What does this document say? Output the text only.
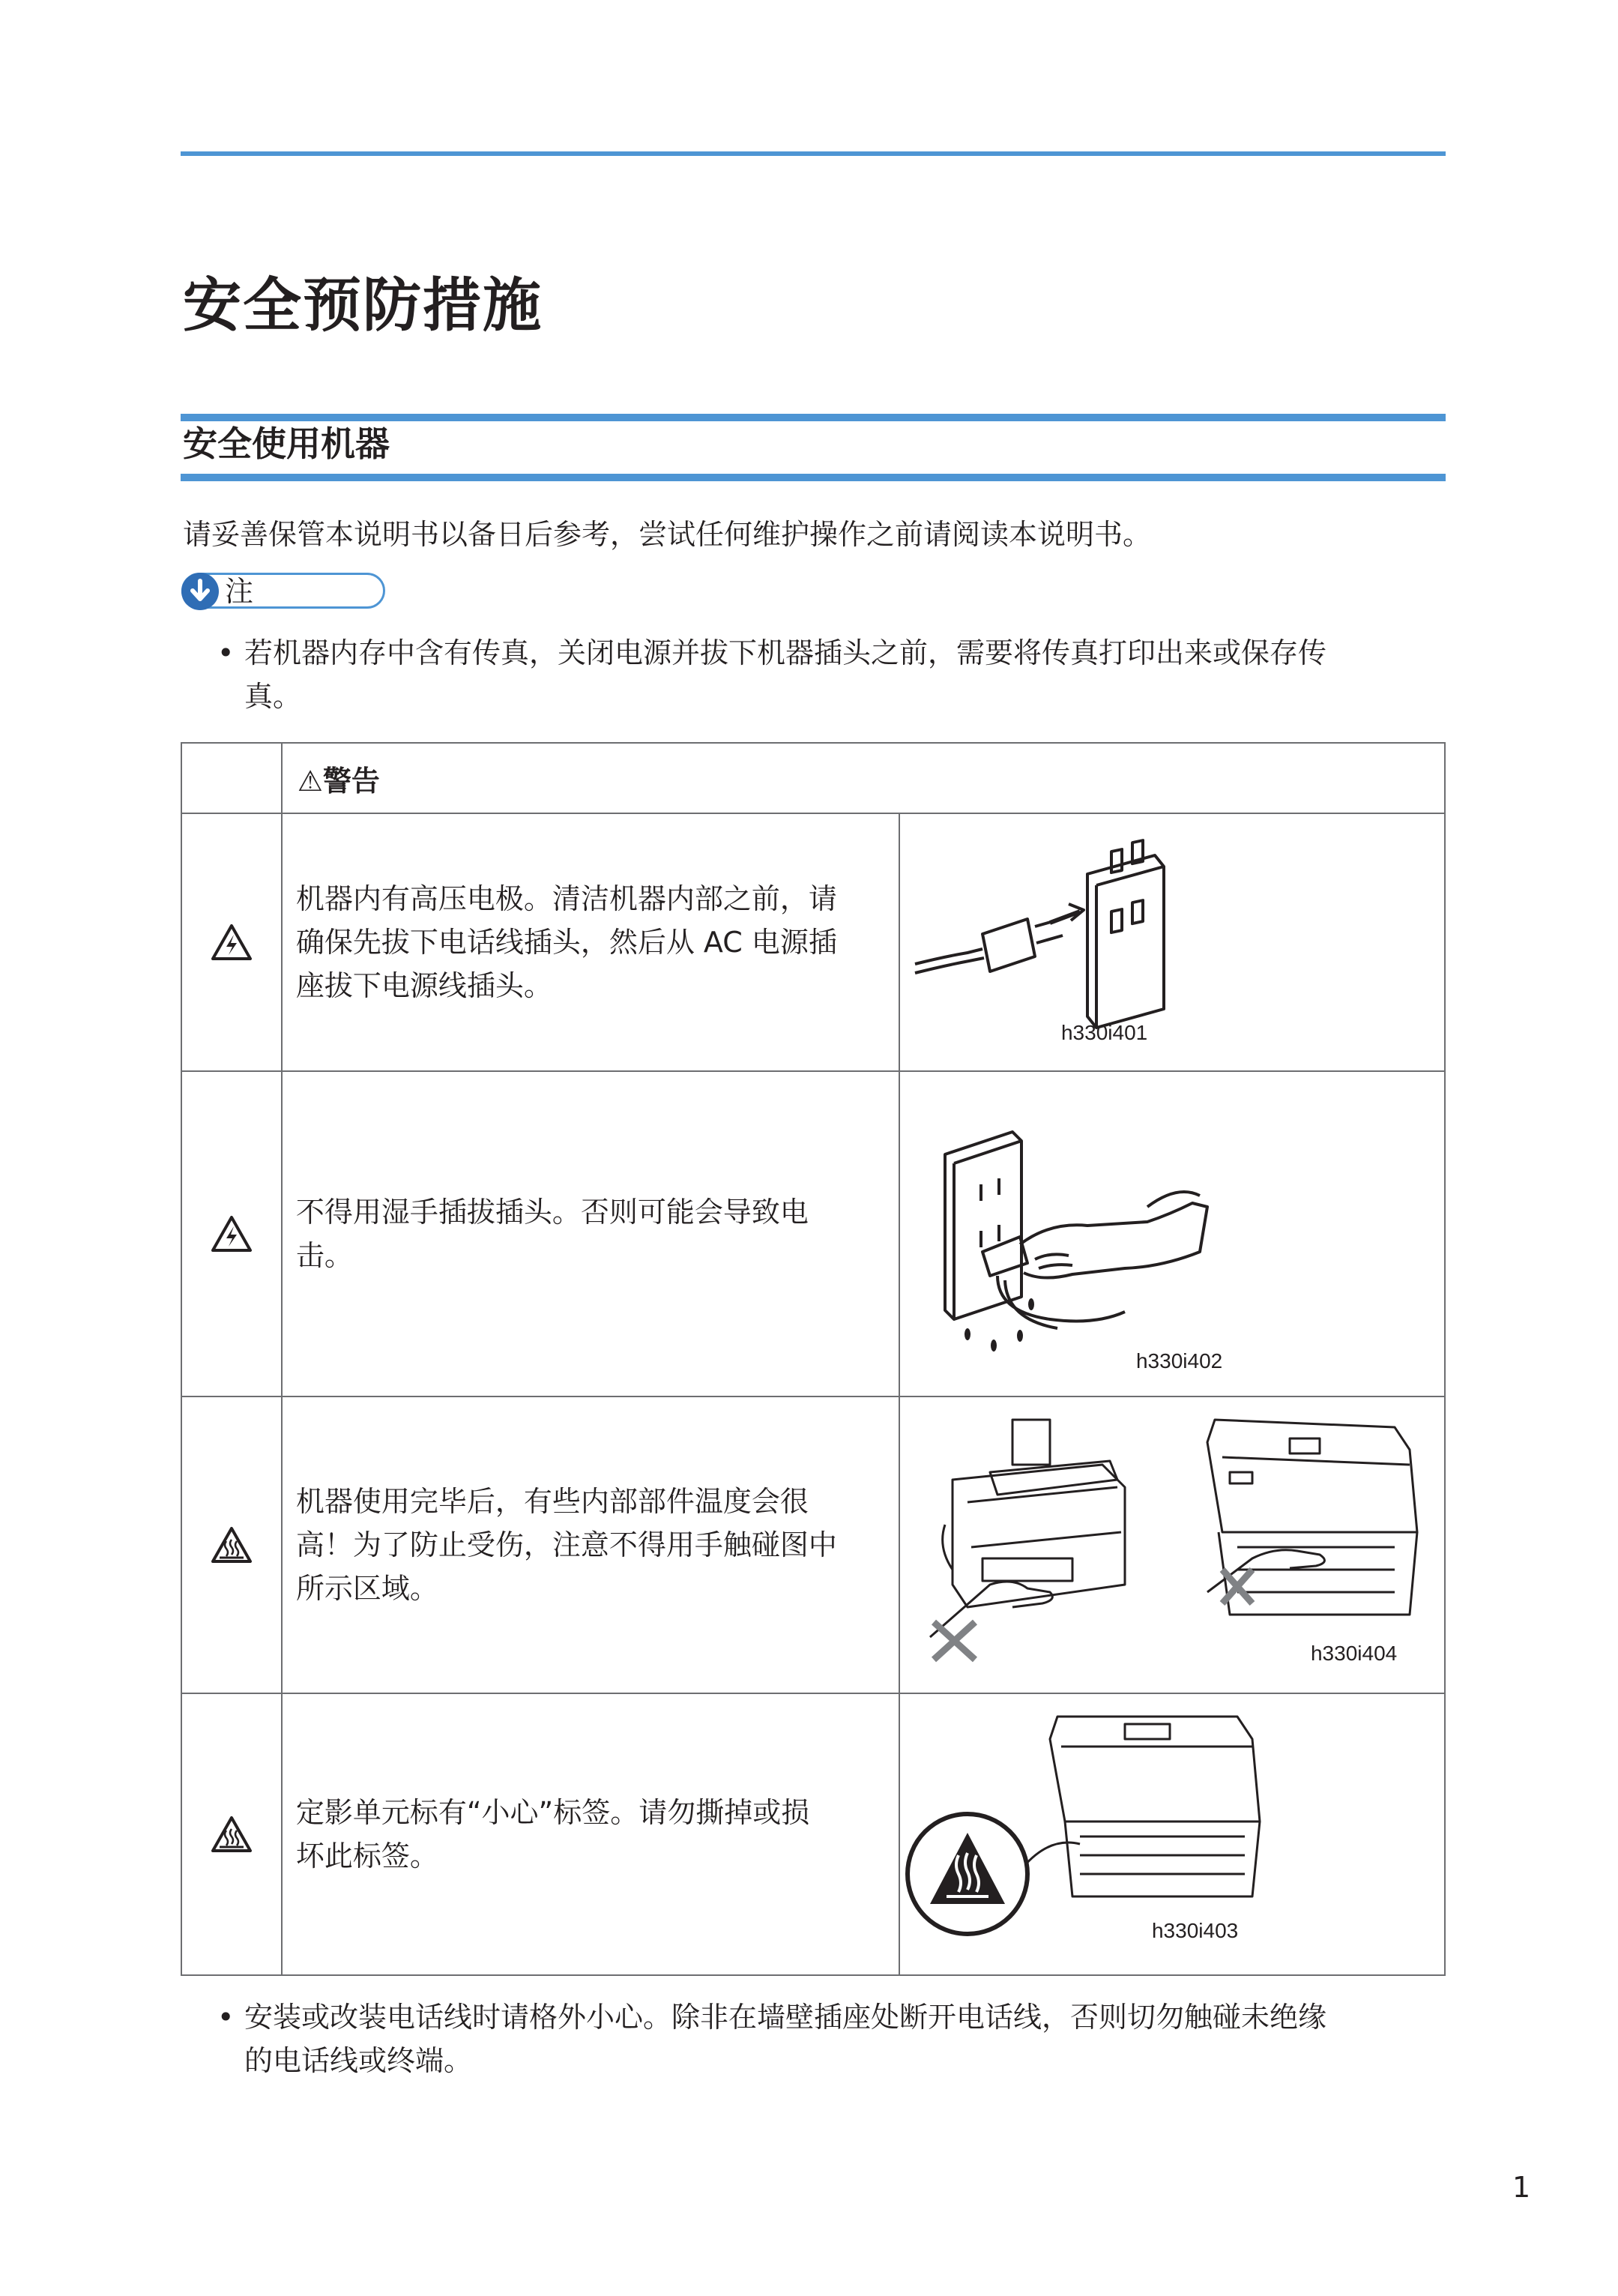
安全预防措施
安全使用机器
请妥善保管本说明书以备日后参考，尝试任何维护操作之前请阅读本说明书。
注
• 若机器内存中含有传真，关闭电源并拔下机器插头之前，需要将传真打印出来或保存传
真。
	⚠警告	

机器内有高压电极。清洁机器内部之前，请
确保先拔下电话线插头，然后从 AC 电源插
座拔下电源线插头。	h330i401

不得用湿手插拔插头。否则可能会导致电
击。	h330i402

机器使用完毕后，有些内部部件温度会很
高！为了防止受伤，注意不得用手触碰图中
所示区域。	h330i404

定影单元标有“小心”标签。请勿撕掉或损
坏此标签。	h330i403
• 安装或改装电话线时请格外小心。除非在墙壁插座处断开电话线，否则切勿触碰未绝缘
的电话线或终端。
1
